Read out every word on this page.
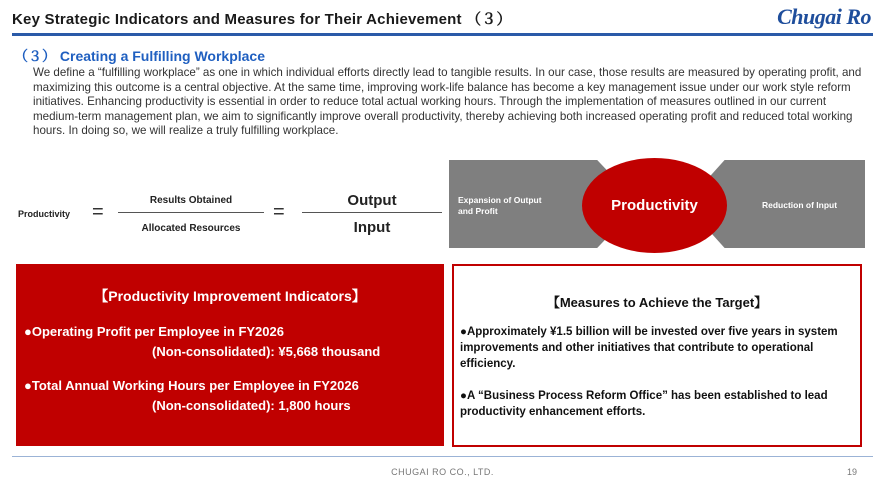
Key Strategic Indicators and Measures for Their Achievement （３）	Chugai Ro
（３） Creating a Fulfilling Workplace
We define a “fulfilling workplace” as one in which individual efforts directly lead to tangible results. In our case, those results are measured by operating profit, and maximizing this outcome is a central objective. At the same time, improving work-life balance has become a key management issue under our work style reform initiatives. Enhancing productivity is essential in order to reduce total actual working hours. Through the implementation of measures outlined in our current medium-term management plan, we aim to significantly improve overall productivity, thereby achieving both increased operating profit and reduced total working hours. In doing so, we will realize a truly fulfilling workplace.
Productivity =
Results Obtained
Allocated Resources
=
Output
Input
Expansion of Output and Profit
Reduction of Input
Productivity
【Productivity Improvement Indicators】
●Operating Profit per Employee in FY2026
(Non-consolidated): ¥5,668 thousand
●Total Annual Working Hours per Employee in FY2026
(Non-consolidated): 1,800 hours
【Measures to Achieve the Target】
●Approximately ¥1.5 billion will be invested over five years in system improvements and other initiatives that contribute to operational efficiency.
●A “Business Process Reform Office” has been established to lead productivity enhancement efforts.
CHUGAI RO CO., LTD.	19
